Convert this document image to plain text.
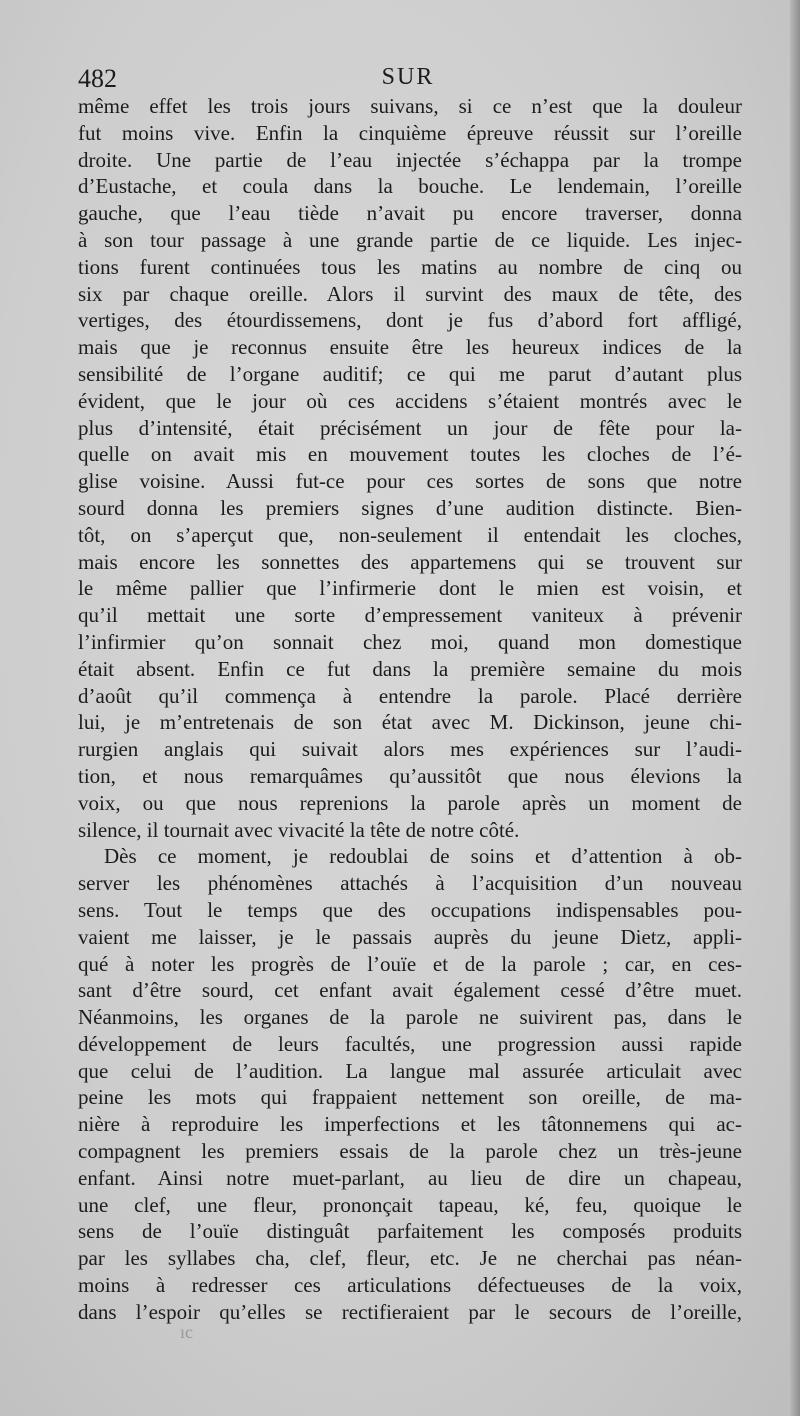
482	SUR
même effet les trois jours suivans, si ce n’est que la douleur
fut moins vive. Enfin la cinquième épreuve réussit sur l’oreille
droite. Une partie de l’eau injectée s’échappa par la trompe
d’Eustache, et coula dans la bouche. Le lendemain, l’oreille
gauche, que l’eau tiède n’avait pu encore traverser, donna
à son tour passage à une grande partie de ce liquide. Les injec-
tions furent continuées tous les matins au nombre de cinq ou
six par chaque oreille. Alors il survint des maux de tête, des
vertiges, des étourdissemens, dont je fus d’abord fort affligé,
mais que je reconnus ensuite être les heureux indices de la
sensibilité de l’organe auditif; ce qui me parut d’autant plus
évident, que le jour où ces accidens s’étaient montrés avec le
plus d’intensité, était précisément un jour de fête pour la-
quelle on avait mis en mouvement toutes les cloches de l’é-
glise voisine. Aussi fut-ce pour ces sortes de sons que notre
sourd donna les premiers signes d’une audition distincte. Bien-
tôt, on s’aperçut que, non-seulement il entendait les cloches,
mais encore les sonnettes des appartemens qui se trouvent sur
le même pallier que l’infirmerie dont le mien est voisin, et
qu’il mettait une sorte d’empressement vaniteux à prévenir
l’infirmier qu’on sonnait chez moi, quand mon domestique
était absent. Enfin ce fut dans la première semaine du mois
d’août qu’il commença à entendre la parole. Placé derrière
lui, je m’entretenais de son état avec M. Dickinson, jeune chi-
rurgien anglais qui suivait alors mes expériences sur l’audi-
tion, et nous remarquâmes qu’aussitôt que nous élevions la
voix, ou que nous reprenions la parole après un moment de
silence, il tournait avec vivacité la tête de notre côté.
Dès ce moment, je redoublai de soins et d’attention à ob-
server les phénomènes attachés à l’acquisition d’un nouveau
sens. Tout le temps que des occupations indispensables pou-
vaient me laisser, je le passais auprès du jeune Dietz, appli-
qué à noter les progrès de l’ouïe et de la parole ; car, en ces-
sant d’être sourd, cet enfant avait également cessé d’être muet.
Néanmoins, les organes de la parole ne suivirent pas, dans le
développement de leurs facultés, une progression aussi rapide
que celui de l’audition. La langue mal assurée articulait avec
peine les mots qui frappaient nettement son oreille, de ma-
nière à reproduire les imperfections et les tâtonnemens qui ac-
compagnent les premiers essais de la parole chez un très-jeune
enfant. Ainsi notre muet-parlant, au lieu de dire un chapeau,
une clef, une fleur, prononçait tapeau, ké, feu, quoique le
sens de l’ouïe distinguât parfaitement les composés produits
par les syllabes cha, clef, fleur, etc. Je ne cherchai pas néan-
moins à redresser ces articulations défectueuses de la voix,
dans l’espoir qu’elles se rectifieraient par le secours de l’oreille,
ıc
